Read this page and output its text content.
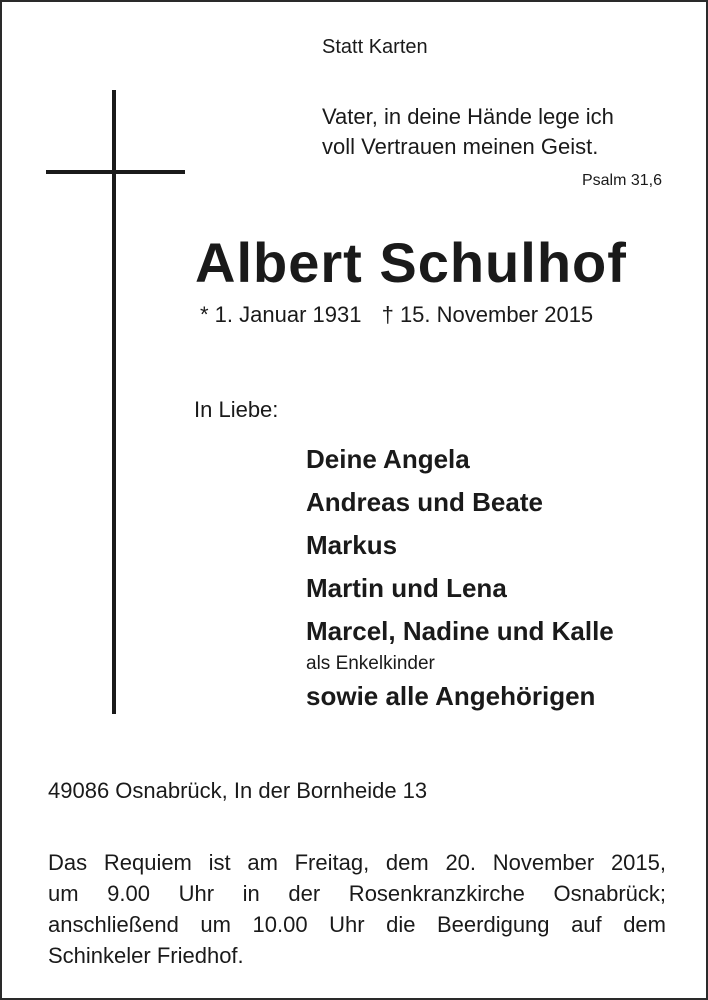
Statt Karten
Vater, in deine Hände lege ich
voll Vertrauen meinen Geist.
Psalm 31,6
Albert Schulhof
* 1. Januar 1931 † 15. November 2015
In Liebe:
Deine Angela
Andreas und Beate
Markus
Martin und Lena
Marcel, Nadine und Kalle
als Enkelkinder
sowie alle Angehörigen
49086 Osnabrück, In der Bornheide 13
Das Requiem ist am Freitag, dem 20. November 2015,
um 9.00 Uhr in der Rosenkranzkirche Osnabrück;
anschließend um 10.00 Uhr die Beerdigung auf dem
Schinkeler Friedhof.
